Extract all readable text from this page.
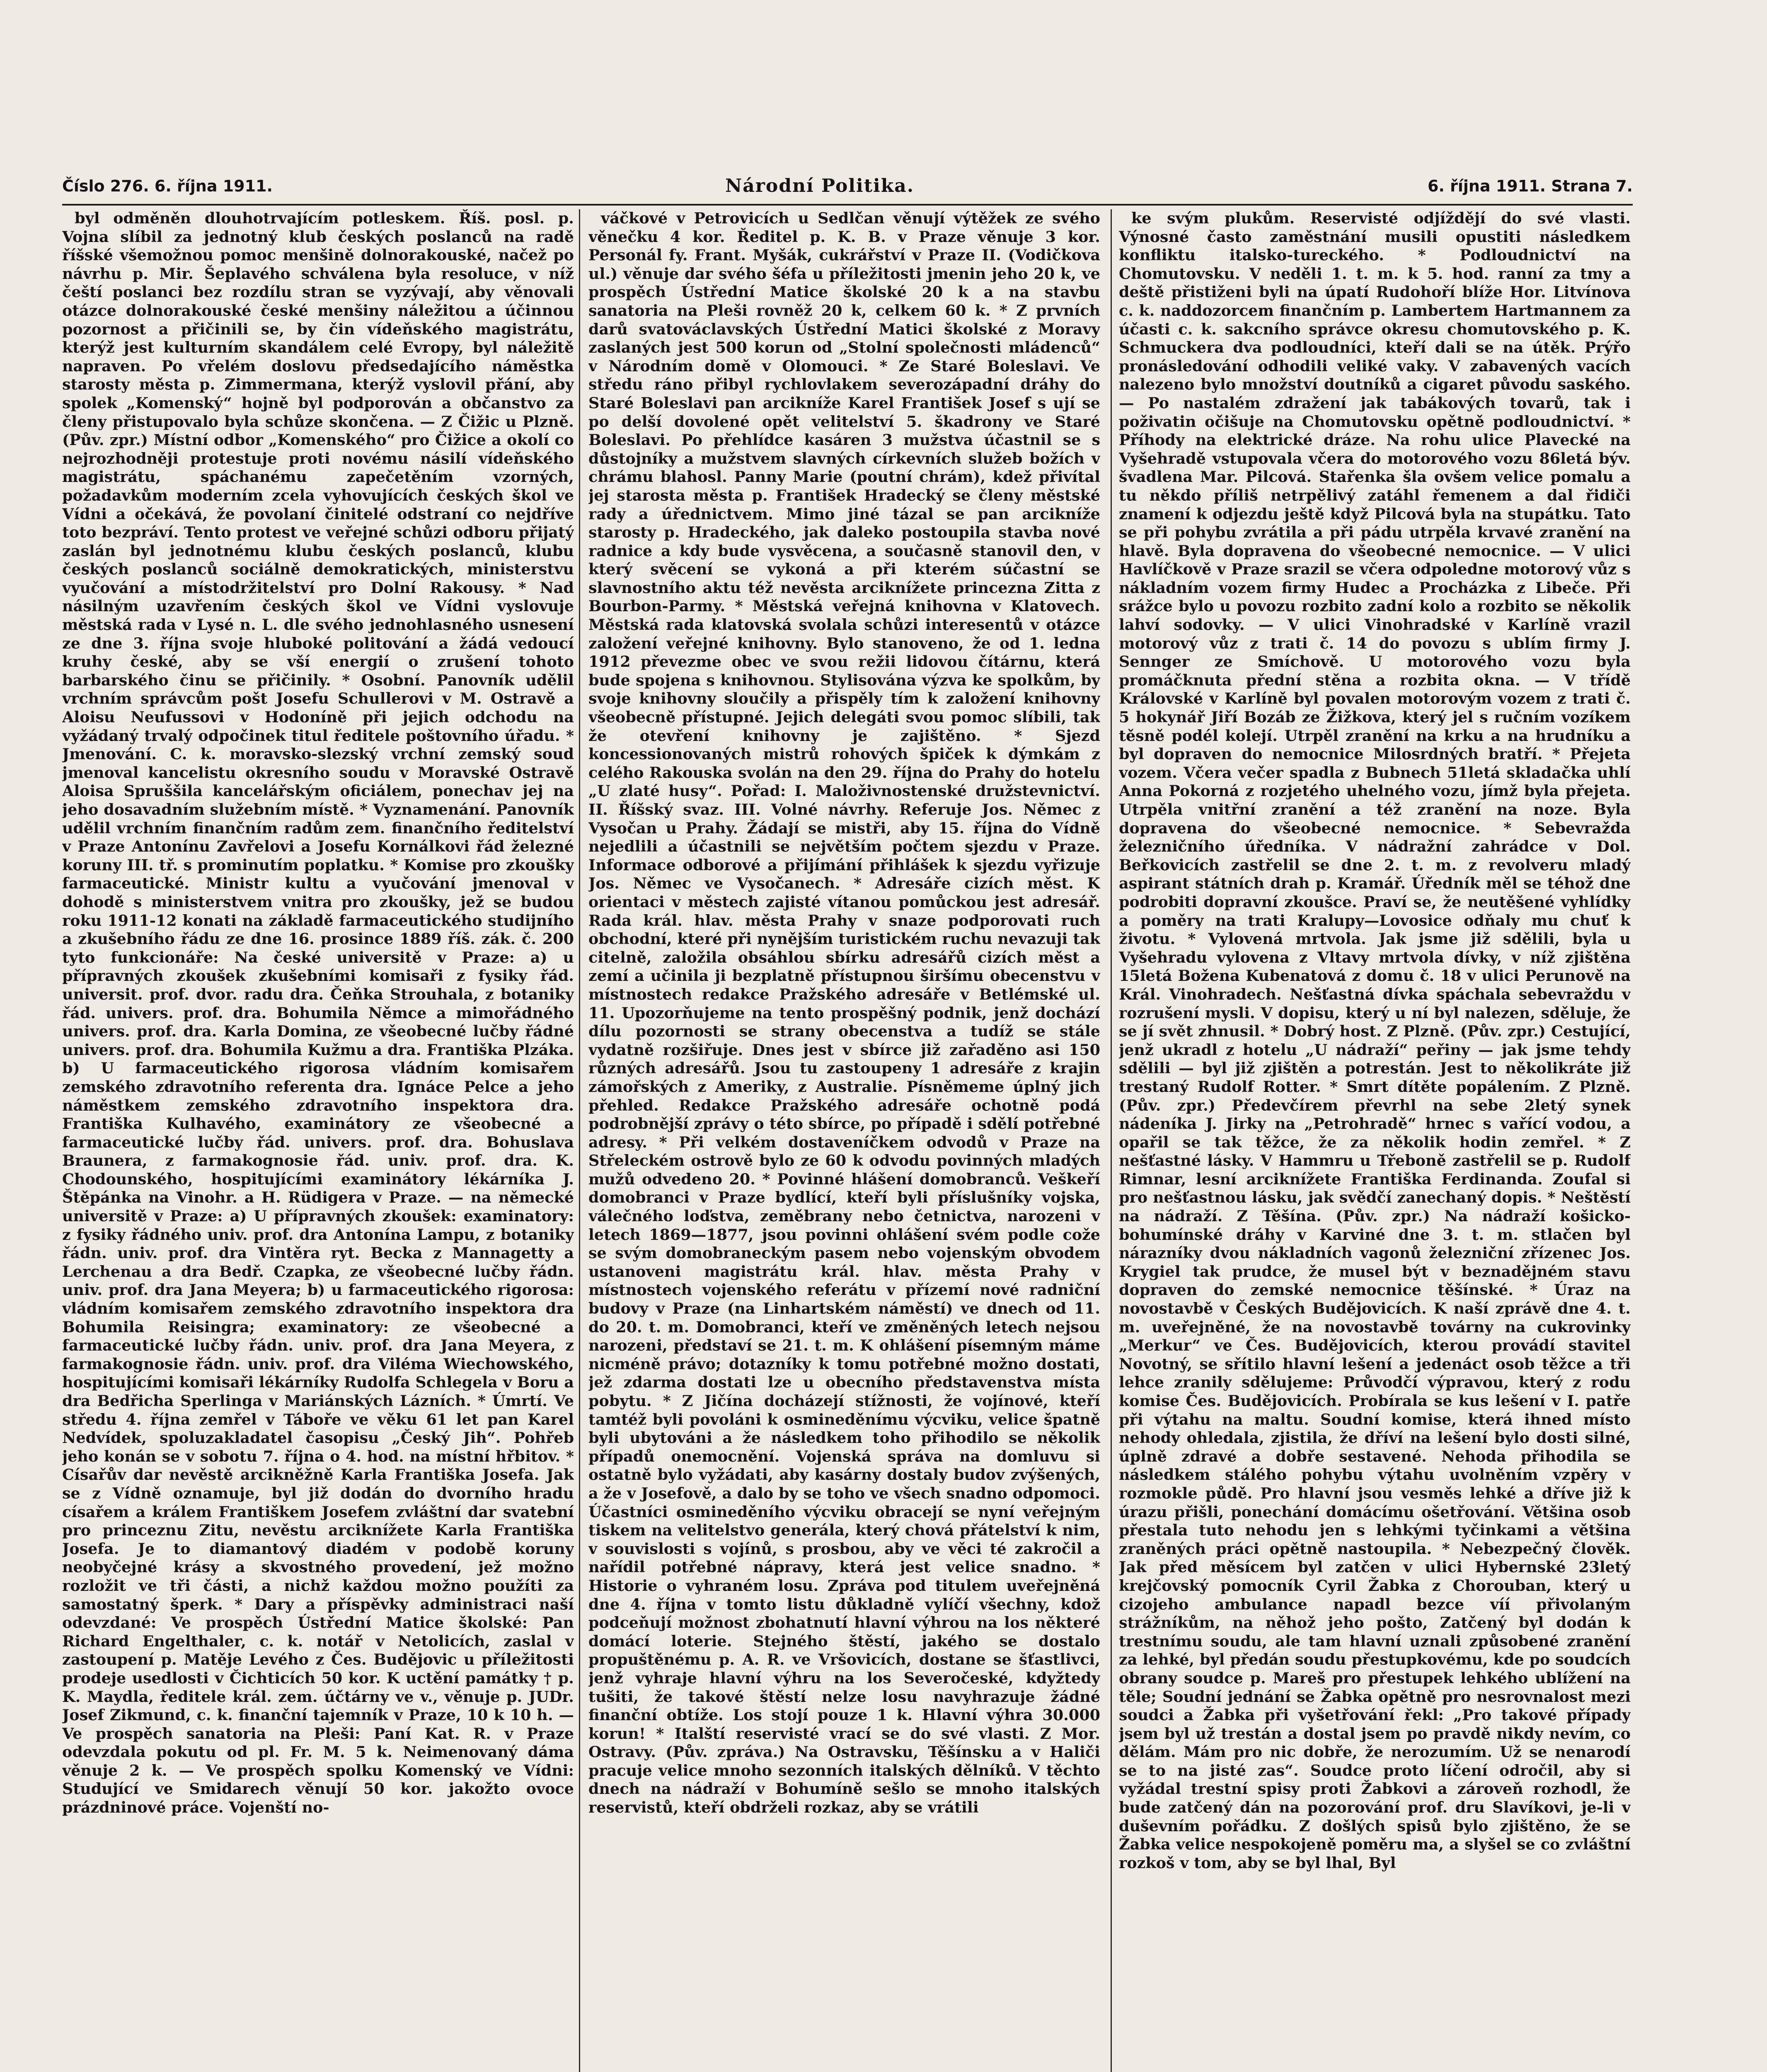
Číslo 276. 6. října 1911.	Národní Politika.	6. října 1911. Strana 7.

byl odměněn dlouhotrvajícím potleskem. Říš. posl. p. Vojna slíbil za jednotný klub českých poslanců na radě říšské všemožnou pomoc menšině dolnorakouské, načež po návrhu p. Mir. Šeplavého schválena byla resoluce, v níž čeští poslanci bez rozdílu stran se vyzývají, aby věnovali otázce dolnorakouské české menšiny náležitou a účinnou pozornost a přičinili se, by čin vídeňského magistrátu, kterýž jest kulturním skandálem celé Evropy, byl náležitě napraven. Po vřelém doslovu předsedajícího náměstka starosty města p. Zimmermana, kterýž vyslovil přání, aby spolek „Komenský“ hojně byl podporován a občanstvo za členy přistupovalo byla schůze skončena. — Z Čižic u Plzně. (Pův. zpr.) Místní odbor „Komenského“ pro Čižice a okolí co nejrozhodněji protestuje proti novému násilí vídeňského magistrátu, spáchanému zapečetěním vzorných, požadavkům moderním zcela vyhovujících českých škol ve Vídni a očekává, že povolaní činitelé odstraní co nejdříve toto bezpráví. Tento protest ve veřejné schůzi odboru přijatý zaslán byl jednotnému klubu českých poslanců, klubu českých poslanců sociálně demokratických, ministerstvu vyučování a místodržitelství pro Dolní Rakousy. * Nad násilným uzavřením českých škol ve Vídni vyslovuje městská rada v Lysé n. L. dle svého jednohlasného usnesení ze dne 3. října svoje hluboké politování a žádá vedoucí kruhy české, aby se vší energií o zrušení tohoto barbarského činu se přičinily. * Osobní. Panovník udělil vrchním správcům pošt Josefu Schullerovi v M. Ostravě a Aloisu Neufussovi v Hodoníně při jejich odchodu na vyžádaný trvalý odpočinek titul ředitele poštovního úřadu. * Jmenování. C. k. moravsko-slezský vrchní zemský soud jmenoval kancelistu okresního soudu v Moravské Ostravě Aloisa Spruššila kancelářským oficiálem, ponechav jej na jeho dosavadním služebním místě. * Vyznamenání. Panovník udělil vrchním finančním radům zem. finančního ředitelství v Praze Antonínu Zavřelovi a Josefu Kornálkovi řád železné koruny III. tř. s prominutím poplatku. * Komise pro zkoušky farmaceutické. Ministr kultu a vyučování jmenoval v dohodě s ministerstvem vnitra pro zkoušky, jež se budou roku 1911-12 konati na základě farmaceutického studijního a zkušebního řádu ze dne 16. prosince 1889 říš. zák. č. 200 tyto funkcionáře: Na české universitě v Praze: a) u přípravných zkoušek zkušebními komisaři z fysiky řád. universit. prof. dvor. radu dra. Čeňka Strouhala, z botaniky řád. univers. prof. dra. Bohumila Němce a mimořádného univers. prof. dra. Karla Domina, ze všeobecné lučby řádné univers. prof. dra. Bohumila Kužmu a dra. Františka Plzáka. b) U farmaceutického rigorosa vládním komisařem zemského zdravotního referenta dra. Ignáce Pelce a jeho náměstkem zemského zdravotního inspektora dra. Františka Kulhavého, examinátory ze všeobecné a farmaceutické lučby řád. univers. prof. dra. Bohuslava Braunera, z farmakognosie řád. univ. prof. dra. K. Chodounského, hospitujícími examinátory lékárníka J. Štěpánka na Vinohr. a H. Rüdigera v Praze. — na německé universitě v Praze: a) U přípravných zkoušek: examinatory: z fysiky řádného univ. prof. dra Antonína Lampu, z botaniky řádn. univ. prof. dra Vintěra ryt. Becka z Mannagetty a Lerchenau a dra Bedř. Czapka, ze všeobecné lučby řádn. univ. prof. dra Jana Meyera; b) u farmaceutického rigorosa: vládním komisařem zemského zdravotního inspektora dra Bohumila Reisingra; examinatory: ze všeobecné a farmaceutické lučby řádn. univ. prof. dra Jana Meyera, z farmakognosie řádn. univ. prof. dra Viléma Wiechowského, hospitujícími komisaři lékárníky Rudolfa Schlegela v Boru a dra Bedřicha Sperlinga v Mariánských Lázních. * Úmrtí. Ve středu 4. října zemřel v Táboře ve věku 61 let pan Karel Nedvídek, spoluzakladatel časopisu „Český Jih“. Pohřeb jeho konán se v sobotu 7. října o 4. hod. na místní hřbitov. * Císařův dar nevěstě arcikněžně Karla Františka Josefa. Jak se z Vídně oznamuje, byl již dodán do dvorního hradu císařem a králem Františkem Josefem zvláštní dar svatební pro princeznu Zitu, nevěstu arciknížete Karla Františka Josefa. Je to diamantový diadém v podobě koruny neobyčejné krásy a skvostného provedení, jež možno rozložit ve tři části, a nichž každou možno použíti za samostatný šperk. * Dary a příspěvky administraci naší odevzdané: Ve prospěch Ústřední Matice školské: Pan Richard Engelthaler, c. k. notář v Netolicích, zaslal v zastoupení p. Matěje Levého z Čes. Budějovic u příležitosti prodeje usedlosti v Čichticích 50 kor. K uctění památky † p. K. Maydla, ředitele král. zem. účtárny ve v., věnuje p. JUDr. Josef Zikmund, c. k. finanční tajemník v Praze, 10 k 10 h. — Ve prospěch sanatoria na Pleši: Paní Kat. R. v Praze odevzdala pokutu od pl. Fr. M. 5 k. Neimenovaný dáma věnuje 2 k. — Ve prospěch spolku Komenský ve Vídni: Studující ve Smidarech věnují 50 kor. jakožto ovoce prázdninové práce. Vojenští no-

váčkové v Petrovicích u Sedlčan věnují výtěžek ze svého věnečku 4 kor. Ředitel p. K. B. v Praze věnuje 3 kor. Personál fy. Frant. Myšák, cukrářství v Praze II. (Vodičkova ul.) věnuje dar svého šéfa u příležitosti jmenin jeho 20 k, ve prospěch Ústřední Matice školské 20 k a na stavbu sanatoria na Pleši rovněž 20 k, celkem 60 k. * Z prvních darů svatováclavských Ústřední Matici školské z Moravy zaslaných jest 500 korun od „Stolní společnosti mládenců“ v Národním domě v Olomouci. * Ze Staré Boleslavi. Ve středu ráno přibyl rychlovlakem severozápadní dráhy do Staré Boleslavi pan arcikníže Karel František Josef s ují se po delší dovolené opět velitelství 5. škadrony ve Staré Boleslavi. Po přehlídce kasáren 3 mužstva účastnil se s důstojníky a mužstvem slavných církevních služeb božích v chrámu blahosl. Panny Marie (poutní chrám), kdež přivítal jej starosta města p. František Hradecký se členy městské rady a úřednictvem. Mimo jiné tázal se pan arcikníže starosty p. Hradeckého, jak daleko postoupila stavba nové radnice a kdy bude vysvěcena, a současně stanovil den, v který svěcení se vykoná a při kterém súčastní se slavnostního aktu též nevěsta arciknížete princezna Zitta z Bourbon-Parmy. * Městská veřejná knihovna v Klatovech. Městská rada klatovská svolala schůzi interesentů v otázce založení veřejné knihovny. Bylo stanoveno, že od 1. ledna 1912 převezme obec ve svou režii lidovou čítárnu, která bude spojena s knihovnou. Stylisována výzva ke spolkům, by svoje knihovny sloučily a přispěly tím k založení knihovny všeobecně přístupné. Jejich delegáti svou pomoc slíbili, tak že otevření knihovny je zajištěno. * Sjezd koncessionovaných mistrů rohových špiček k dýmkám z celého Rakouska svolán na den 29. října do Prahy do hotelu „U zlaté husy“. Pořad: I. Maloživnostenské družstevnictví. II. Říšský svaz. III. Volné návrhy. Referuje Jos. Němec z Vysočan u Prahy. Žádají se mistři, aby 15. října do Vídně nejedlili a účastnili se největším počtem sjezdu v Praze. Informace odborové a přijímání přihlášek k sjezdu vyřizuje Jos. Němec ve Vysočanech. * Adresáře cizích měst. K orientaci v městech zajisté vítanou pomůckou jest adresář. Rada král. hlav. města Prahy v snaze podporovati ruch obchodní, které při nynějším turistickém ruchu nevazuji tak citelně, založila obsáhlou sbírku adresářů cizích měst a zemí a učinila ji bezplatně přístupnou širšímu obecenstvu v místnostech redakce Pražského adresáře v Betlémské ul. 11. Upozorňujeme na tento prospěšný podnik, jenž dochází dílu pozornosti se strany obecenstva a tudíž se stále vydatně rozšiřuje. Dnes jest v sbírce již zařaděno asi 150 různých adresářů. Jsou tu zastoupeny 1 adresáře z krajin zámořských z Ameriky, z Australie. Písněmeme úplný jich přehled. Redakce Pražského adresáře ochotně podá podrobnější zprávy o této sbírce, po případě i sdělí potřebné adresy. * Při velkém dostaveníčkem odvodů v Praze na Střeleckém ostrově bylo ze 60 k odvodu povinných mladých mužů odvedeno 20. * Povinné hlášení domobranců. Veškeří domobranci v Praze bydlící, kteří byli příslušníky vojska, válečného loďstva, zeměbrany nebo četnictva, narozeni v letech 1869—1877, jsou povinni ohlášení svém podle cože se svým domobraneckým pasem nebo vojenským obvodem ustanoveni magistrátu král. hlav. města Prahy v místnostech vojenského referátu v přízemí nové radniční budovy v Praze (na Linhartském náměstí) ve dnech od 11. do 20. t. m. Domobranci, kteří ve změněných letech nejsou narozeni, představí se 21. t. m. K ohlášení písemným máme nicméně právo; dotazníky k tomu potřebné možno dostati, jež zdarma dostati lze u obecního představenstva místa pobytu. * Z Jičína docházejí stížnosti, že vojínové, kteří tamtéž byli povoláni k osmineděnímu výcviku, velice špatně byli ubytováni a že následkem toho přihodilo se několik případů onemocnění. Vojenská správa na domluvu si ostatně bylo vyžádati, aby kasárny dostaly budov zvýšených, a že v Josefově, a dalo by se toho ve všech snadno odpomoci. Účastníci osmineděního výcviku obracejí se nyní veřejným tiskem na velitelstvo generála, který chová přátelství k nim, v souvislosti s vojínů, s prosbou, aby ve věci té zakročil a nařídil potřebné nápravy, která jest velice snadno. * Historie o vyhraném losu. Zpráva pod titulem uveřejněná dne 4. října v tomto listu důkladně vylíčí všechny, kdož podceňují možnost zbohatnutí hlavní výhrou na los některé domácí loterie. Stejného štěstí, jakého se dostalo propuštěnému p. A. R. ve Vršovicích, dostane se šťastlivci, jenž vyhraje hlavní výhru na los Severočeské, kdyžtedy tušiti, že takové štěstí nelze losu navyhrazuje žádné finanční obtíže. Los stojí pouze 1 k. Hlavní výhra 30.000 korun! * Italští reservisté vrací se do své vlasti. Z Mor. Ostravy. (Pův. zpráva.) Na Ostravsku, Těšínsku a v Haliči pracuje velice mnoho sezonních italských dělníků. V těchto dnech na nádraží v Bohumíně sešlo se mnoho italských reservistů, kteří obdrželi rozkaz, aby se vrátili

ke svým plukům. Reservisté odjíždějí do své vlasti. Výnosné často zaměstnání musili opustiti následkem konfliktu italsko-tureckého. * Podloudnictví na Chomutovsku. V neděli 1. t. m. k 5. hod. ranní za tmy a deště přistiženi byli na úpatí Rudohoří blíže Hor. Litvínova c. k. naddozorcem finančním p. Lambertem Hartmannem za účasti c. k. sakcního správce okresu chomutovského p. K. Schmuckera dva podloudníci, kteří dali se na útěk. Prýřo pronásledování odhodili veliké vaky. V zabavených vacích nalezeno bylo množství doutníků a cigaret původu saského. — Po nastalém zdražení jak tabákových tovarů, tak i poživatin očišuje na Chomutovsku opětně podloudnictví. * Příhody na elektrické dráze. Na rohu ulice Plavecké na Vyšehradě vstupovala včera do motorového vozu 86letá býv. švadlena Mar. Pilcová. Stařenka šla ovšem velice pomalu a tu někdo příliš netrpělivý zatáhl řemenem a dal řidiči znamení k odjezdu ještě když Pilcová byla na stupátku. Tato se při pohybu zvrátila a při pádu utrpěla krvavé zranění na hlavě. Byla dopravena do všeobecné nemocnice. — V ulici Havlíčkově v Praze srazil se včera odpoledne motorový vůz s nákladním vozem firmy Hudec a Procházka z Libeče. Při srážce bylo u povozu rozbito zadní kolo a rozbito se několik lahví sodovky. — V ulici Vinohradské v Karlíně vrazil motorový vůz z trati č. 14 do povozu s ublím firmy J. Sennger ze Smíchově. U motorového vozu byla promáčknuta přední stěna a rozbita okna. — V třídě Královské v Karlíně byl povalen motorovým vozem z trati č. 5 hokynář Jiří Bozáb ze Žižkova, který jel s ručním vozíkem těsně podél kolejí. Utrpěl zranění na krku a na hrudníku a byl dopraven do nemocnice Milosrdných bratří. * Přejeta vozem. Včera večer spadla z Bubnech 51letá skladačka uhlí Anna Pokorná z rozjetého uhelného vozu, jímž byla přejeta. Utrpěla vnitřní zranění a též zranění na noze. Byla dopravena do všeobecné nemocnice. * Sebevražda železničního úředníka. V nádražní zahrádce v Dol. Beřkovicích zastřelil se dne 2. t. m. z revolveru mladý aspirant státních drah p. Kramář. Úředník měl se téhož dne podrobiti dopravní zkoušce. Praví se, že neutěšené vyhlídky a poměry na trati Kralupy—Lovosice odňaly mu chuť k životu. * Vylovená mrtvola. Jak jsme již sdělili, byla u Vyšehradu vylovena z Vltavy mrtvola dívky, v níž zjištěna 15letá Božena Kubenatová z domu č. 18 v ulici Perunově na Král. Vinohradech. Nešťastná dívka spáchala sebevraždu v rozrušení mysli. V dopisu, který u ní byl nalezen, sděluje, že se jí svět zhnusil. * Dobrý host. Z Plzně. (Pův. zpr.) Cestující, jenž ukradl z hotelu „U nádraží“ peřiny — jak jsme tehdy sdělili — byl již zjištěn a potrestán. Jest to několikráte již trestaný Rudolf Rotter. * Smrt dítěte popálením. Z Plzně. (Pův. zpr.) Předevčírem převrhl na sebe 2letý synek nádeníka J. Jirky na „Petrohradě“ hrnec s vařící vodou, a opařil se tak těžce, že za několik hodin zemřel. * Z nešťastné lásky. V Hammru u Třeboně zastřelil se p. Rudolf Rimnar, lesní arciknížete Františka Ferdinanda. Zoufal si pro nešťastnou lásku, jak svědčí zanechaný dopis. * Neštěstí na nádraží. Z Těšína. (Pův. zpr.) Na nádraží košicko-bohumínské dráhy v Karviné dne 3. t. m. stlačen byl nárazníky dvou nákladních vagonů železniční zřízenec Jos. Krygiel tak prudce, že musel být v beznadějném stavu dopraven do zemské nemocnice těšínské. * Úraz na novostavbě v Českých Budějovicích. K naší zprávě dne 4. t. m. uveřejněné, že na novostavbě továrny na cukrovinky „Merkur“ ve Čes. Budějovicích, kterou provádí stavitel Novotný, se sřítilo hlavní lešení a jedenáct osob těžce a tři lehce zranily sdělujeme: Průvodčí výpravou, který z rodu komise Čes. Budějovicích. Probírala se kus lešení v I. patře při výtahu na maltu. Soudní komise, která ihned místo nehody ohledala, zjistila, že dříví na lešení bylo dosti silné, úplně zdravé a dobře sestavené. Nehoda přihodila se následkem stálého pohybu výtahu uvolněním vzpěry v rozmokle půdě. Pro hlavní jsou vesměs lehké a dříve již k úrazu přišli, ponechání domácímu ošetřování. Většina osob přestala tuto nehodu jen s lehkými tyčinkami a většina zraněných práci opětně nastoupila. * Nebezpečný člověk. Jak před měsícem byl zatčen v ulici Hybernské 23letý krejčovský pomocník Cyril Žabka z Chorouban, který u cizojeho ambulance napadl bezce víí přivolaným strážníkům, na něhož jeho pošto, Zatčený byl dodán k trestnímu soudu, ale tam hlavní uznali způsobené zranění za lehké, byl předán soudu přestupkovému, kde po soudcích obrany soudce p. Mareš pro přestupek lehkého ublížení na těle; Soudní jednání se Žabka opětně pro nesrovnalost mezi soudci a Žabka při vyšetřování řekl: „Pro takové případy jsem byl už trestán a dostal jsem po pravdě nikdy nevím, co dělám. Mám pro nic dobře, že nerozumím. Už se nenarodí se to na jisté zas“. Soudce proto líčení odročil, aby si vyžádal trestní spisy proti Žabkovi a zároveň rozhodl, že bude zatčený dán na pozorování prof. dru Slavíkovi, je-li v duševním pořádku. Z došlých spisů bylo zjištěno, že se Žabka velice nespokojeně poměru ma, a slyšel se co zvláštní rozkoš v tom, aby se byl lhal, Byl
